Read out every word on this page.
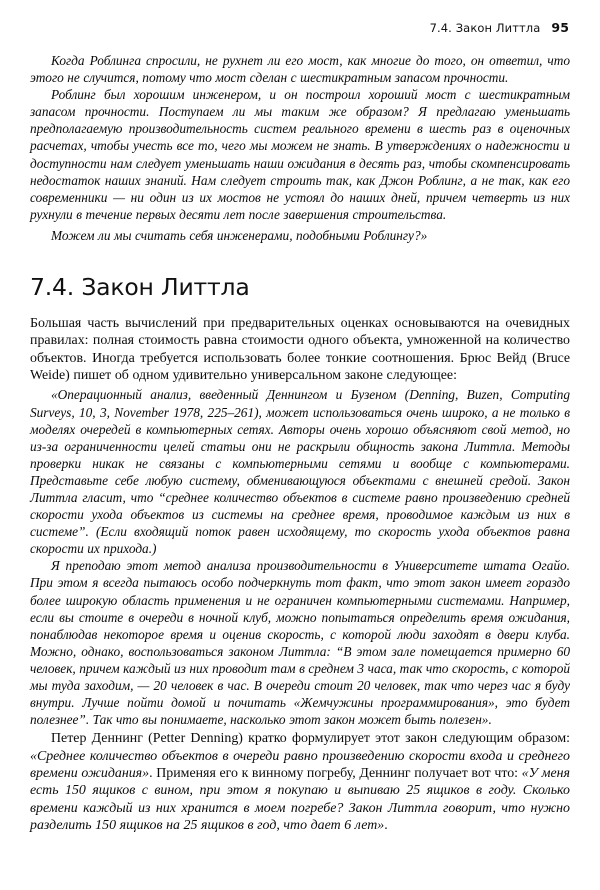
7.4. Закон Литтла 95

Когда Роблинга спросили, не рухнет ли его мост, как многие до того, он ответил, что этого не случится, потому что мост сделан с шестикратным запасом прочности.

Роблинг был хорошим инженером, и он построил хороший мост с шестикратным запасом прочности. Поступаем ли мы таким же образом? Я предлагаю уменьшать предполагаемую производительность систем реального времени в шесть раз в оценочных расчетах, чтобы учесть все то, чего мы можем не знать. В утверждениях о надежности и доступности нам следует уменьшать наши ожидания в десять раз, чтобы скомпенсировать недостаток наших знаний. Нам следует строить так, как Джон Роблинг, а не так, как его современники — ни один из их мостов не устоял до наших дней, причем четверть из них рухнули в течение первых десяти лет после завершения строительства.

Можем ли мы считать себя инженерами, подобными Роблингу?»

7.4. Закон Литтла

Большая часть вычислений при предварительных оценках основываются на очевидных правилах: полная стоимость равна стоимости одного объекта, умноженной на количество объектов. Иногда требуется использовать более тонкие соотношения. Брюс Вейд (Bruce Weide) пишет об одном удивительно универсальном законе следующее:

«Операционный анализ, введенный Деннингом и Бузеном (Denning, Buzen, Computing Surveys, 10, 3, November 1978, 225–261), может использоваться очень широко, а не только в моделях очередей в компьютерных сетях. Авторы очень хорошо объясняют свой метод, но из-за ограниченности целей статьи они не раскрыли общность закона Литтла. Методы проверки никак не связаны с компьютерными сетями и вообще с компьютерами. Представьте себе любую систему, обменивающуюся объектами с внешней средой. Закон Литтла гласит, что “среднее количество объектов в системе равно произведению средней скорости ухода объектов из системы на среднее время, проводимое каждым из них в системе”. (Если входящий поток равен исходящему, то скорость ухода объектов равна скорости их прихода.)

Я преподаю этот метод анализа производительности в Университете штата Огайо. При этом я всегда пытаюсь особо подчеркнуть тот факт, что этот закон имеет гораздо более широкую область применения и не ограничен компьютерными системами. Например, если вы стоите в очереди в ночной клуб, можно попытаться определить время ожидания, понаблюдав некоторое время и оценив скорость, с которой люди заходят в двери клуба. Можно, однако, воспользоваться законом Литтла: “В этом зале помещается примерно 60 человек, причем каждый из них проводит там в среднем 3 часа, так что скорость, с которой мы туда заходим, — 20 человек в час. В очереди стоит 20 человек, так что через час я буду внутри. Лучше пойти домой и почитать «Жемчужины программирования», это будет полезнее”. Так что вы понимаете, насколько этот закон может быть полезен».

Петер Деннинг (Petter Denning) кратко формулирует этот закон следующим образом: «Среднее количество объектов в очереди равно произведению скорости входа и среднего времени ожидания». Применяя его к винному погребу, Деннинг получает вот что: «У меня есть 150 ящиков с вином, при этом я покупаю и выпиваю 25 ящиков в году. Сколько времени каждый из них хранится в моем погребе? Закон Литтла говорит, что нужно разделить 150 ящиков на 25 ящиков в год, что дает 6 лет».
